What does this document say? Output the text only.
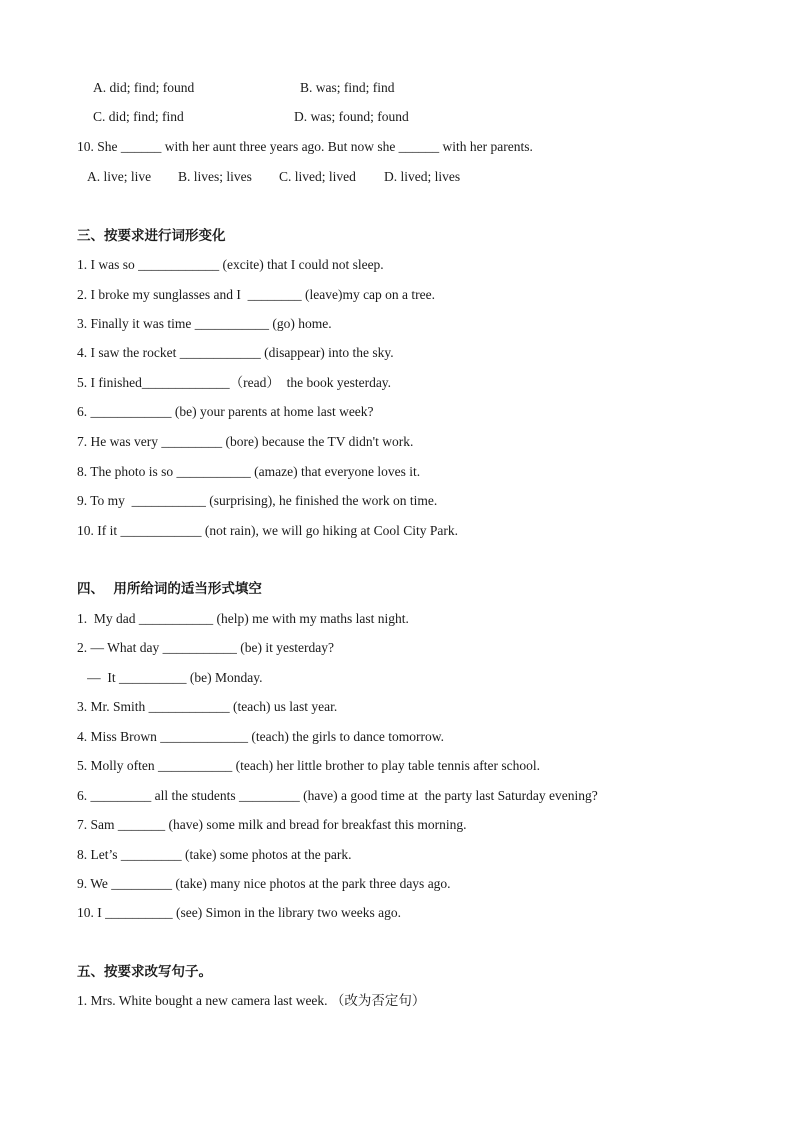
A. did; find; found	B. was; find; find
C. did; find; find	D. was; found; found
10. She ______ with her aunt three years ago. But now she ______ with her parents.
A. live; live B. lives; lives C. lived; lived D. lived; lives
三、按要求进行词形变化
1. I was so ____________ (excite) that I could not sleep.
2. I broke my sunglasses and I  ________ (leave)my cap on a tree.
3. Finally it was time ___________ (go) home.
4. I saw the rocket ____________ (disappear) into the sky.
5. I finished_____________（read）  the book yesterday.
6. ____________ (be) your parents at home last week?
7. He was very _________ (bore) because the TV didn't work.
8. The photo is so ___________ (amaze) that everyone loves it.
9. To my  ___________ (surprising), he finished the work on time.
10. If it ____________ (not rain), we will go hiking at Cool City Park.
四、  用所给词的适当形式填空
1.  My dad ___________ (help) me with my maths last night.
2. — What day ___________ (be) it yesterday?
—  It __________ (be) Monday.
3. Mr. Smith ____________ (teach) us last year.
4. Miss Brown _____________ (teach) the girls to dance tomorrow.
5. Molly often ___________ (teach) her little brother to play table tennis after school.
6. _________ all the students _________ (have) a good time at  the party last Saturday evening?
7. Sam _______ (have) some milk and bread for breakfast this morning.
8. Let’s _________ (take) some photos at the park.
9. We _________ (take) many nice photos at the park three days ago.
10. I __________ (see) Simon in the library two weeks ago.
五、按要求改写句子。
1. Mrs. White bought a new camera last week. （改为否定句）
